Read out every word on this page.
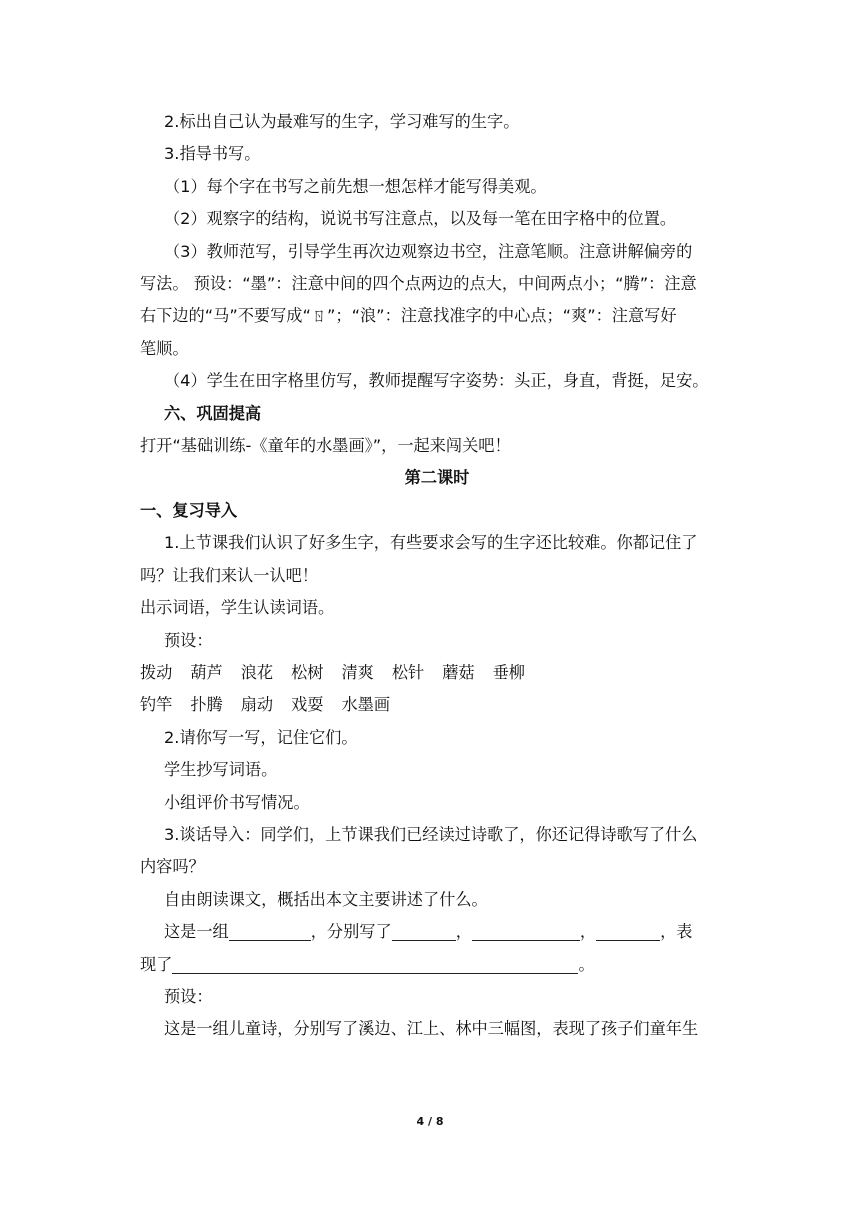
2.标出自己认为最难写的生字，学习难写的生字。

3.指导书写。

（1）每个字在书写之前先想一想怎样才能写得美观。

（2）观察字的结构，说说书写注意点，以及每一笔在田字格中的位置。

（3）教师范写，引导学生再次边观察边书空，注意笔顺。注意讲解偏旁的

写法。 预设：“墨”：注意中间的四个点两边的点大，中间两点小；“腾”：注意

右下边的“马”不要写成“ㄖ”；“浪”：注意找准字的中心点；“爽”：注意写好

笔顺。

（4）学生在田字格里仿写，教师提醒写字姿势：头正，身直，背挺，足安。

六、巩固提高

打开“基础训练-《童年的水墨画》”，一起来闯关吧！

第二课时

一、复习导入

1.上节课我们认识了好多生字，有些要求会写的生字还比较难。你都记住了

吗？让我们来认一认吧！

出示词语，学生认读词语。

预设：

拨动 葫芦 浪花 松树 清爽 松针 蘑菇 垂柳

钓竿 扑腾 扇动 戏耍 水墨画

2.请你写一写，记住它们。

学生抄写词语。

小组评价书写情况。

3.谈话导入：同学们，上节课我们已经读过诗歌了，你还记得诗歌写了什么

内容吗？

自由朗读课文，概括出本文主要讲述了什么。

这是一组	，分别写了	，	，	，表

现了	。

预设：

这是一组儿童诗，分别写了溪边、江上、林中三幅图，表现了孩子们童年生

4 / 8
